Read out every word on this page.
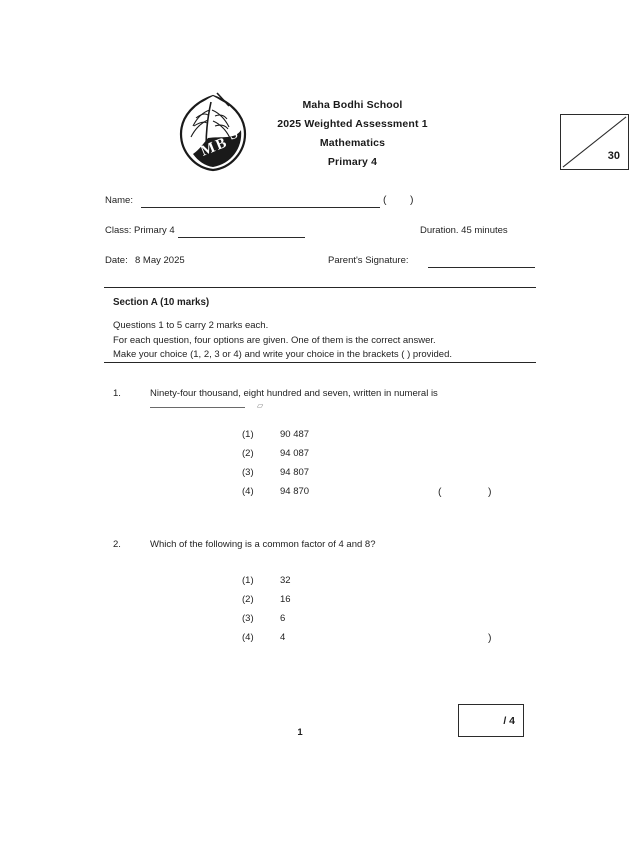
M
B
S
Maha Bodhi School
2025 Weighted Assessment 1
Mathematics
Primary 4	30
Name:	( )
Class: Primary 4	Duration. 45 minutes
Date: 8 May 2025	Parent's Signature:
Section A (10 marks)
Questions 1 to 5 carry 2 marks each.
For each question, four options are given. One of them is the correct answer.
Make your choice (1, 2, 3 or 4) and write your choice in the brackets ( ) provided.
1.	Ninety-four thousand, eight hundred and seven, written in numeral is
▱
(1)	90 487
(2)	94 087
(3)	94 807
(4)	94 870	(	)
2.	Which of the following is a common factor of 4 and 8?
(1)	32
(2)	16
(3)	6
(4)	4	)
1
/ 4
